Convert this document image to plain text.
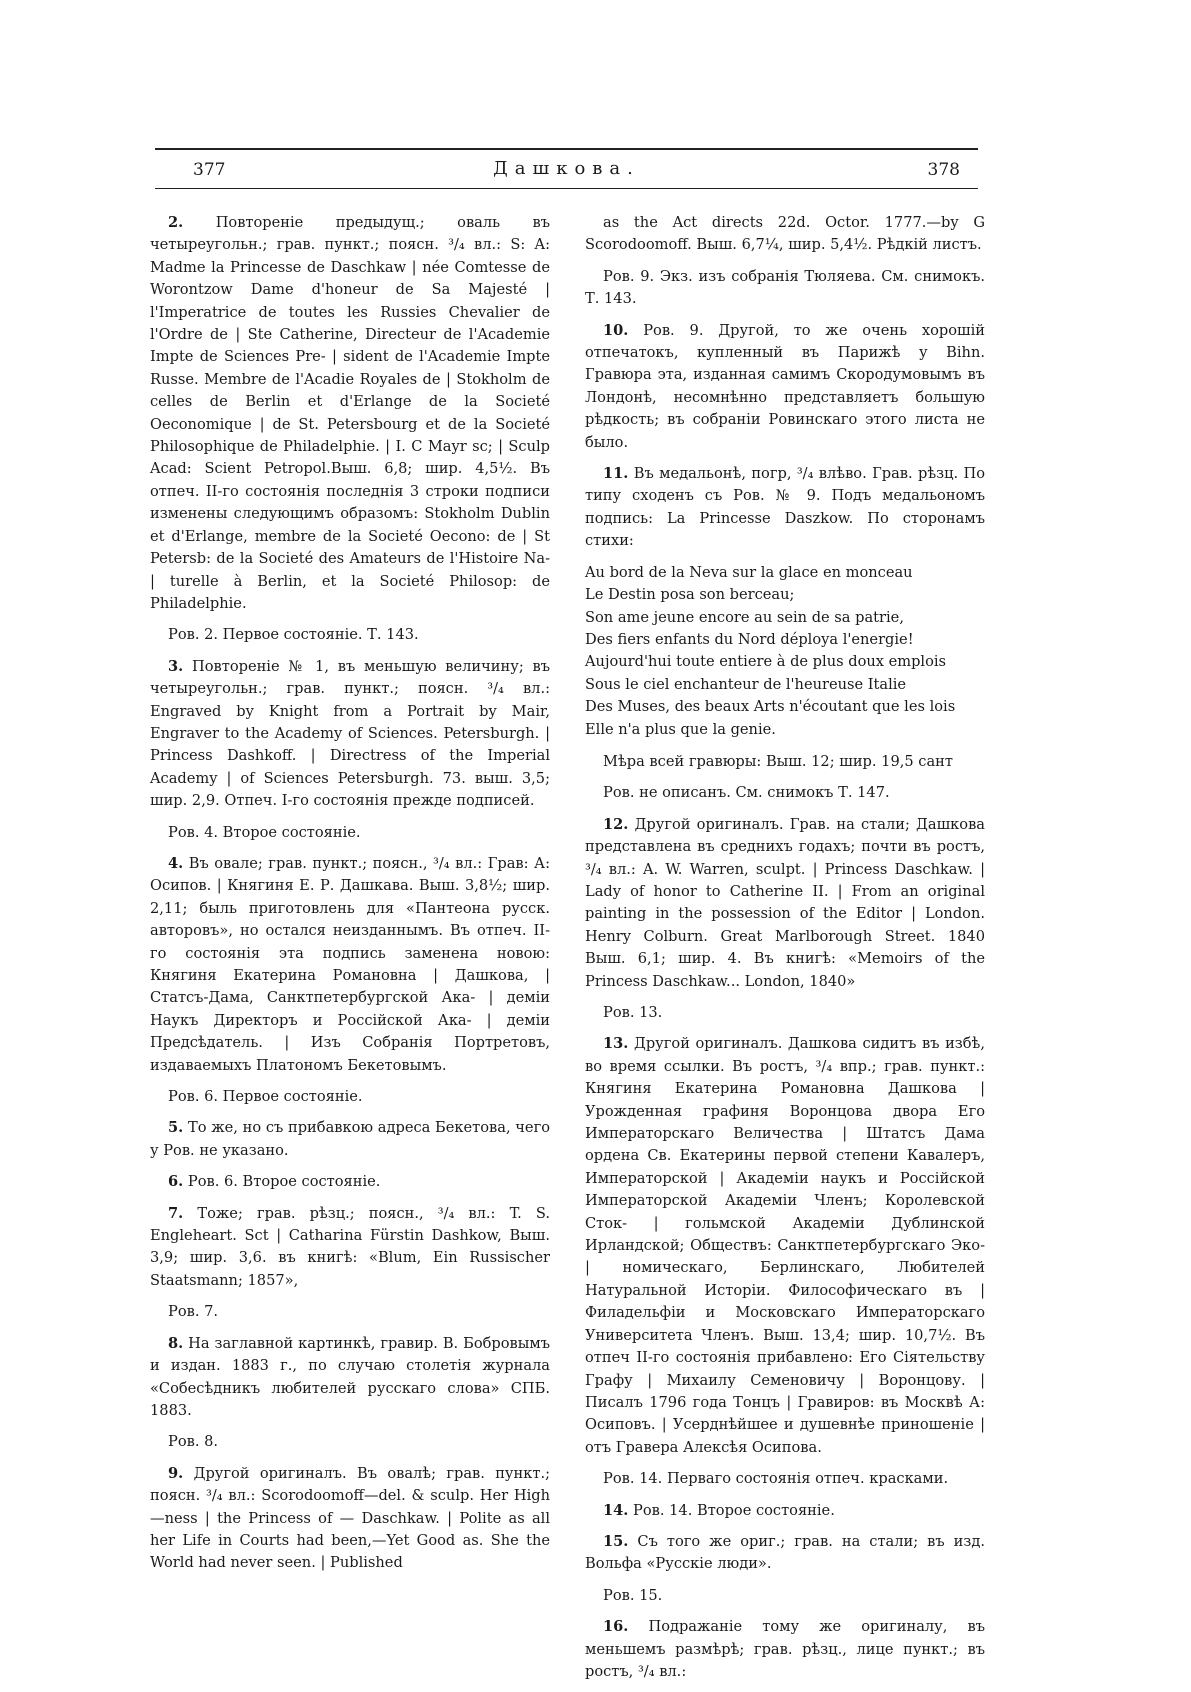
377	Дашкова.	378

2. Повтореніе предыдущ.; оваль въ четыреугольн.; грав. пункт.; поясн. ³/₄ вл.: S: A: Madme la Princesse de Daschkaw | née Comtesse de Worontzow Dame d'honeur de Sa Majesté | l'Imperatrice de toutes les Russies Chevalier de l'Ordre de | Ste Catherine, Directeur de l'Academie Impte de Sciences Pre- | sident de l'Academie Impte Russe. Membre de l'Acadie Royales de | Stokholm de celles de Berlin et d'Erlange de la Societé Oeconomique | de St. Petersbourg et de la Societé Philosophique de Philadelphie. | I. C Mayr sc; | Sculp Acad: Scient Petropol.Выш. 6,8; шир. 4,5½. Въ отпеч. II-го состоянія последнія 3 строки подписи изменены следующимъ образомъ: Stokholm Dublin et d'Erlange, membre de la Societé Oecono: de | St Petersb: de la Societé des Amateurs de l'Histoire Na- | turelle à Berlin, et la Societé Philosop: de Philadelphie.

Ров. 2. Первое состояніе. Т. 143.

3. Повтореніе № 1, въ меньшую величину; въ четыреугольн.; грав. пункт.; поясн. ³/₄ вл.: Engraved by Knight from a Portrait by Mair, Engraver to the Academy of Sciences. Petersburgh. | Princess Dashkoff. | Directress of the Imperial Academy | of Sciences Petersburgh. 73. выш. 3,5; шир. 2,9. Отпеч. I-го состоянія прежде подписей.

Ров. 4. Второе состояніе.

4. Въ овале; грав. пункт.; поясн., ³/₄ вл.: Грав: А: Осипов. | Княгиня Е. Р. Дашкава. Выш. 3,8½; шир. 2,11; быль приготовлень для «Пантеона русск. авторовъ», но остался неизданнымъ. Въ отпеч. II-го состоянія эта подпись заменена новою: Княгиня Екатерина Романовна | Дашкова, | Статсъ-Дама, Санктпетербургской Ака- | деміи Наукъ Директоръ и Россійской Ака- | деміи Предсѣдатель. | Изъ Собранія Портретовъ, издаваемыхъ Платономъ Бекетовымъ.

Ров. 6. Первое состояніе.

5. То же, но съ прибавкою адреса Бекетова, чего у Ров. не указано.

6. Ров. 6. Второе состояніе.

7. Тоже; грав. рѣзц.; поясн., ³/₄ вл.: T. S. Engleheart. Sct | Catharina Fürstin Dashkow, Выш. 3,9; шир. 3,6. въ книгѣ: «Blum, Ein Russischer Staatsmann; 1857»,

Ров. 7.

8. На заглавной картинкѣ, гравир. В. Бобровымъ и издан. 1883 г., по случаю столетія журнала «Собесѣдникъ любителей русскаго слова» СПБ. 1883.

Ров. 8.

9. Другой оригиналъ. Въ овалѣ; грав. пункт.; поясн. ³/₄ вл.: Scorodoomoff—del. & sculp. Her High—ness | the Princess of — Daschkaw. | Polite as all her Life in Courts had been,—Yet Good as. She the World had never seen. | Published

as the Act directs 22d. Octor. 1777.—by G Scorodoomoff. Выш. 6,7¼, шир. 5,4½. Рѣдкій листъ.

Ров. 9. Экз. изъ собранія Тюляева. См. снимокъ. Т. 143.

10. Ров. 9. Другой, то же очень хорошій отпечатокъ, купленный въ Парижѣ у Bihn. Гравюра эта, изданная самимъ Скородумовымъ въ Лондонѣ, несомнѣнно представляетъ большую рѣдкость; въ собраніи Ровинскаго этого листа не было.

11. Въ медальонѣ, погр, ³/₄ влѣво. Грав. рѣзц. По типу сходенъ съ Ров. № 9. Подъ медальономъ подпись: La Princesse Daszkow. По сторонамъ стихи:

Au bord de la Neva sur la glace en monceau

Le Destin posa son berceau;

Son ame jeune encore au sein de sa patrie,

Des fiers enfants du Nord déploya l'energie!

Aujourd'hui toute entiere à de plus doux emplois

Sous le ciel enchanteur de l'heureuse Italie

Des Muses, des beaux Arts n'écoutant que les lois

Elle n'a plus que la genie.

Мѣра всей гравюры: Выш. 12; шир. 19,5 сант

Ров. не описанъ. См. снимокъ Т. 147.

12. Другой оригиналъ. Грав. на стали; Дашкова представлена въ среднихъ годахъ; почти въ ростъ, ³/₄ вл.: A. W. Warren, sculpt. | Princess Daschkaw. | Lady of honor to Catherine II. | From an original painting in the possession of the Editor | London. Henry Colburn. Great Marlborough Street. 1840 Выш. 6,1; шир. 4. Въ книгѣ: «Memoirs of the Princess Daschkaw... London, 1840»

Ров. 13.

13. Другой оригиналъ. Дашкова сидитъ въ избѣ, во время ссылки. Въ ростъ, ³/₄ впр.; грав. пункт.: Княгиня Екатерина Романовна Дашкова | Урожденная графиня Воронцова двора Его Императорскаго Величества | Штатсъ Дама ордена Св. Екатерины первой степени Кавалеръ, Императорской | Академіи наукъ и Россійской Императорской Академіи Членъ; Королевской Сток- | гольмской Академіи Дублинской Ирландской; Обществъ: Санктпетербургскаго Эко- | номическаго, Берлинскаго, Любителей Натуральной Исторіи. Философическаго въ | Филадельфіи и Московскаго Императорскаго Университета Членъ. Выш. 13,4; шир. 10,7½. Въ отпеч II-го состоянія прибавлено: Его Сіятельству Графу | Михаилу Семеновичу | Воронцову. | Писалъ 1796 года Тонцъ | Гравиров: въ Москвѣ А: Осиповъ. | Усерднѣйшее и душевнѣе приношеніе | отъ Гравера Алексѣя Осипова.

Ров. 14. Перваго состоянія отпеч. красками.

14. Ров. 14. Второе состояніе.

15. Съ того же ориг.; грав. на стали; въ изд. Вольфа «Русскіе люди».

Ров. 15.

16. Подражаніе тому же оригиналу, въ меньшемъ размѣрѣ; грав. рѣзц., лице пункт.; въ ростъ, ³/₄ вл.:
